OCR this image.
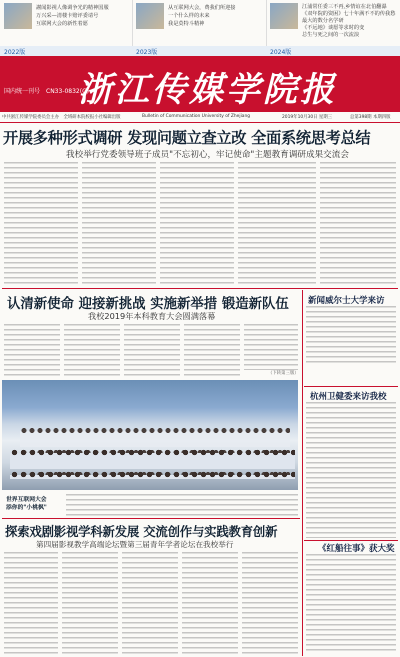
謝闻影视人像调争光的精神国服
万兴采—清楼卡赔评委请号
互联网大会的新性着愿
2022版
从互联网大会，费我们所迎接
一个什么样的未来
我是莫特斗精神
2023版
江浦常任委三不再,乡情谊在北伯翻瀑
《双年院的资困》七十年满不不的传我愁
最大的数分名学研
《不远地》谈愿等求时的变
总生与死之间的一次流浪
2024版
国内统一刊号　CN33-0832(G)
浙江传媒学院报
中共浙江传媒学院委员会主办　全域研本院校报小社编辑出版	Bulletin of Communication University of Zhejiang	2019年10月30日 星期三	总第398期 本期四版
开展多种形式调研 发现问题立查立改 全面系统思考总结
我校举行党委领导班子成员"不忘初心，牢记使命"主题教育调研成果交流会
认清新使命 迎接新挑战 实施新举措 锻造新队伍
我校2019年本科教育大会圆满落幕
（下转第三版）
新闻威尔士大学来访
杭州卫健委来访我校
《红船往事》获大奖
世界互联网大会
添你的"小桃枫"
探索戏剧影视学科新发展 交流创作与实践教育创新
第四届影视教学高端论坛暨第三届青年学者论坛在我校举行
